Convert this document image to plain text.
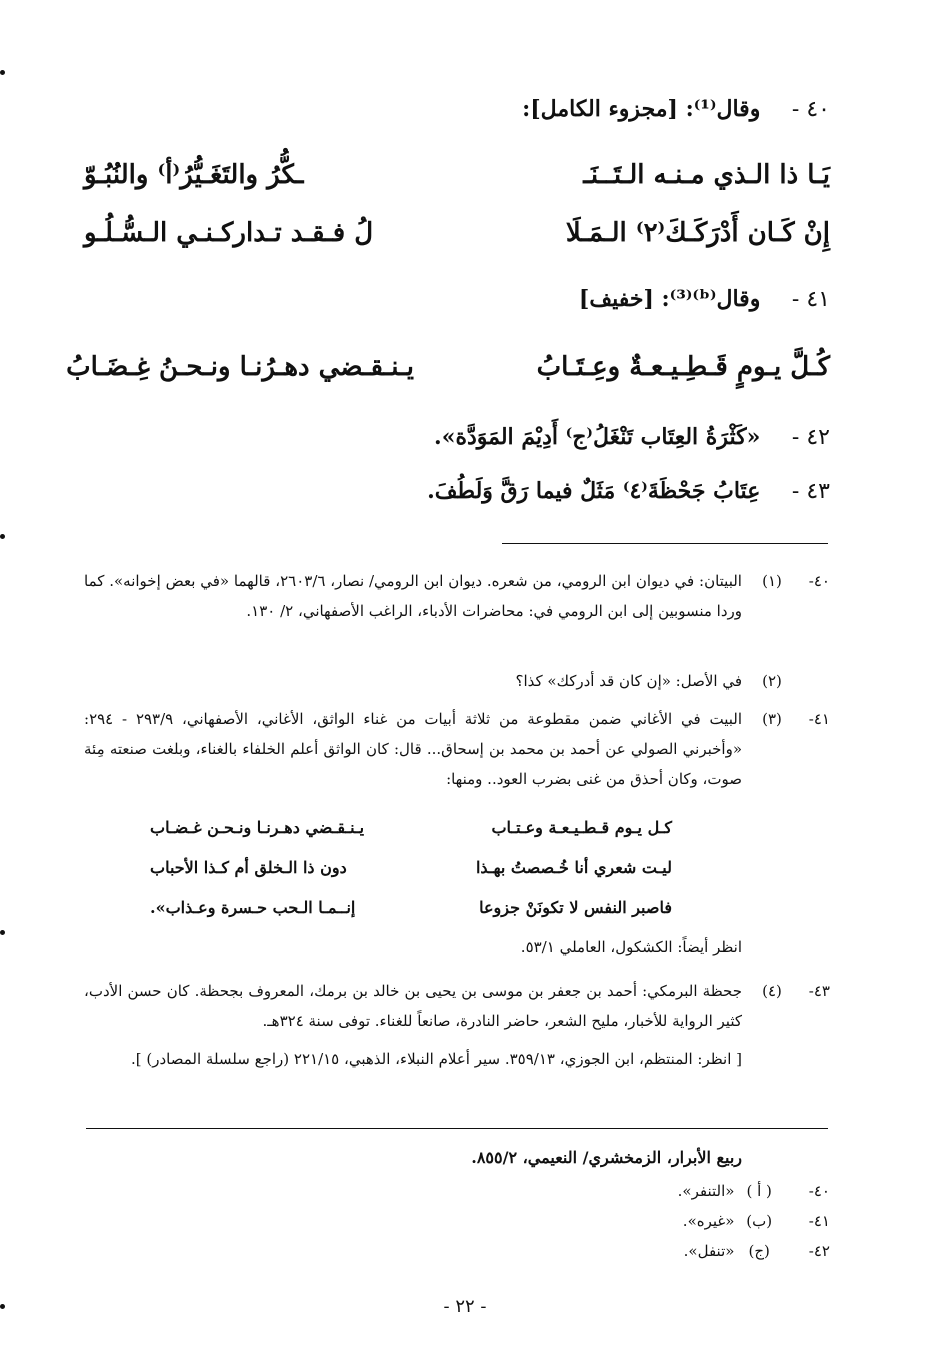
٤٠ - وقال⁽¹⁾: [مجزوء الكامل]:
يَـا ذا الـذي مـنـه الـتَــنَـ
ـكُّرُ والتَغَـيُّرُ⁽أ⁾ والنُبُـوّ
إِنْ كَـان أَدْرَكَـكَ⁽٢⁾ الـمَـلَا
لُ فـقـد تـداركـنـي الـسُّـلُـو
٤١ - وقال⁽ᵇ⁾⁽³⁾: [خفيف]
كُـلَّ يـومٍ قَـطِـيـعـةٌ وعِـتَـابُ
يـنـقـضي دهـرُنـا ونـحـنُ غِـضَـابُ
٤٢ - «كَثْرَةُ العِتَاب تَنْغَلُ⁽ج⁾ أَدِيْمَ المَوَدَّة».
٤٣ - عِتَابُ جَحْظَةَ⁽٤⁾ مَثَلٌ فيما رَقَّ وَلَطُفَ.
٤٠-
(١)
البيتان: في ديوان ابن الرومي، من شعره. ديوان ابن الرومي/ نصار، ٢٦٠٣/٦، قالهما «في بعض إخوانه». كما وردا منسوبين إلى ابن الرومي في: محاضرات الأدباء، الراغب الأصفهاني، ٢/ ١٣٠.
(٢)
في الأصل: «إن كان قد أدركك» كذا؟
٤١-
(٣)
البيت في الأغاني ضمن مقطوعة من ثلاثة أبيات من غناء الواثق، الأغاني، الأصفهاني، ٢٩٣/٩ - ٢٩٤: «وأخبرني الصولي عن أحمد بن محمد بن إسحاق... قال: كان الواثق أعلم الخلفاء بالغناء، وبلغت صنعته مِئة صوت، وكان أحذق من غنى بضرب العود.. ومنها:
كـل يـوم قـطـيـعـة وعـتـاب
يـنـقـضي دهـرنـا ونـحـن غـضـاب
ليـت شعري أنا خُـصصتُ بهـذا
دون ذا الـخلق أم كـذا الأحباب
فاصبر النفس لا تكونَنْ جزوعا
إنــمـا الـحب حـسرة وعـذاب».
انظر أيضاً: الكشكول، العاملي ٥٣/١.
٤٣-
(٤)
جحظة البرمكي: أحمد بن جعفر بن موسى بن يحيى بن خالد بن برمك، المعروف بجحظة. كان حسن الأدب، كثير الرواية للأخبار، مليح الشعر، حاضر النادرة، صانعاً للغناء. توفى سنة ٣٢٤هـ.
[ انظر: المنتظم، ابن الجوزي، ٣٥٩/١٣. سير أعلام النبلاء، الذهبي، ٢٢١/١٥ (راجع سلسلة المصادر) ].
ربيع الأبرار، الزمخشري/ النعيمي، ٨٥٥/٢.
٤٠- ( أ ) «التنفر».
٤١- (ب) «غيره».
٤٢- (ج) «تنفل».
- ٢٢ -
